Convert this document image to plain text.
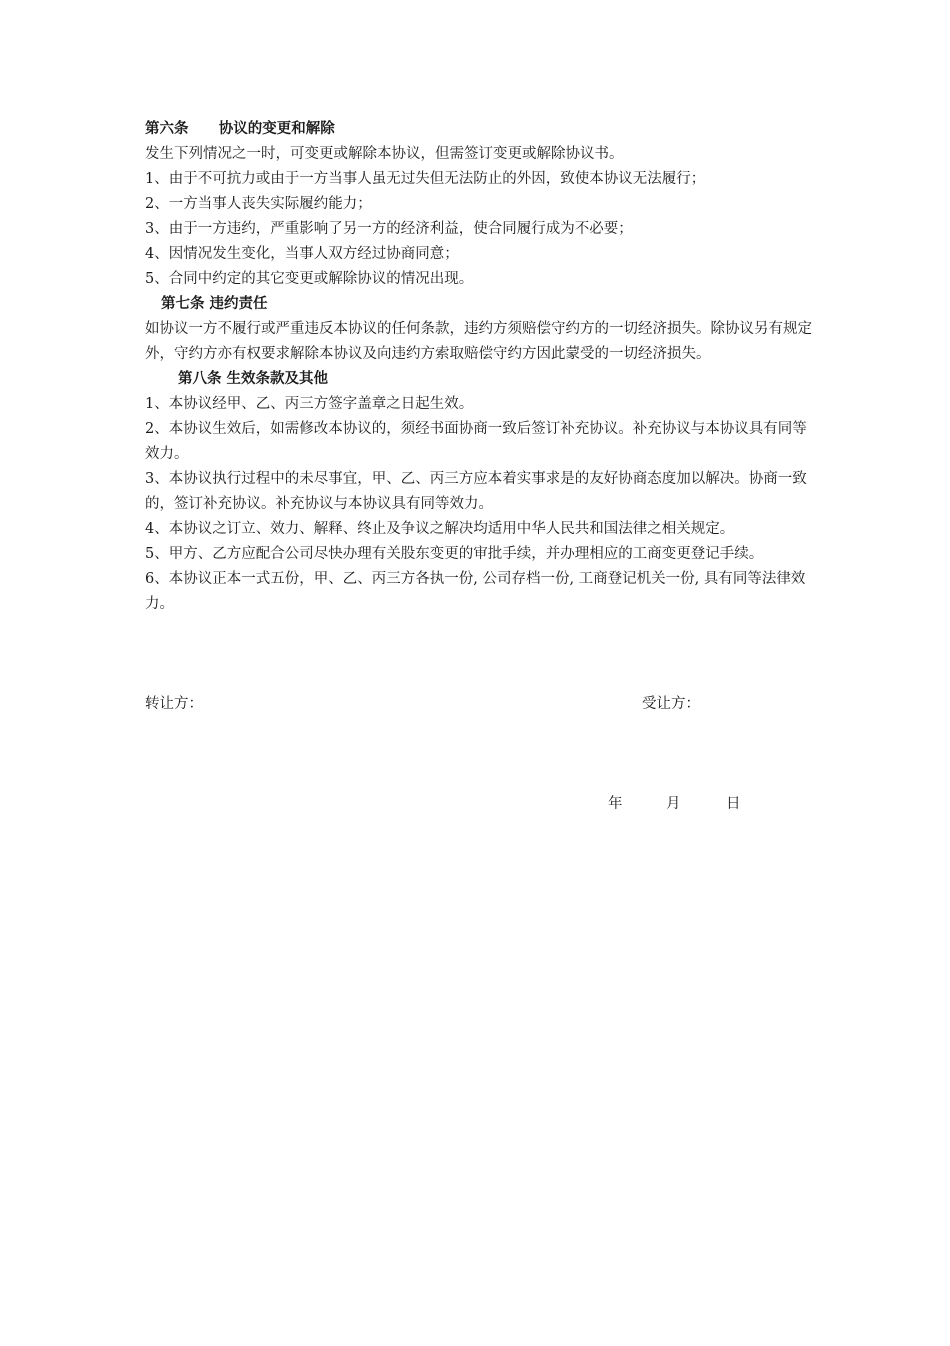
第六条      协议的变更和解除

发生下列情况之一时，可变更或解除本协议，但需签订变更或解除协议书。

1、由于不可抗力或由于一方当事人虽无过失但无法防止的外因，致使本协议无法履行；

2、一方当事人丧失实际履约能力；

3、由于一方违约，严重影响了另一方的经济利益，使合同履行成为不必要；

4、因情况发生变化，当事人双方经过协商同意；

5、合同中约定的其它变更或解除协议的情况出现。

第七条 违约责任

如协议一方不履行或严重违反本协议的任何条款，违约方须赔偿守约方的一切经济损失。除协议另有规定外，守约方亦有权要求解除本协议及向违约方索取赔偿守约方因此蒙受的一切经济损失。

第八条 生效条款及其他

1、本协议经甲、乙、丙三方签字盖章之日起生效。

2、本协议生效后，如需修改本协议的，须经书面协商一致后签订补充协议。补充协议与本协议具有同等效力。

3、本协议执行过程中的未尽事宜，甲、乙、丙三方应本着实事求是的友好协商态度加以解决。协商一致的，签订补充协议。补充协议与本协议具有同等效力。

4、本协议之订立、效力、解释、终止及争议之解决均适用中华人民共和国法律之相关规定。

5、甲方、乙方应配合公司尽快办理有关股东变更的审批手续，并办理相应的工商变更登记手续。

6、本协议正本一式五份，甲、乙、丙三方各执一份, 公司存档一份, 工商登记机关一份, 具有同等法律效力。

转让方：	受让方：
年	月	日
